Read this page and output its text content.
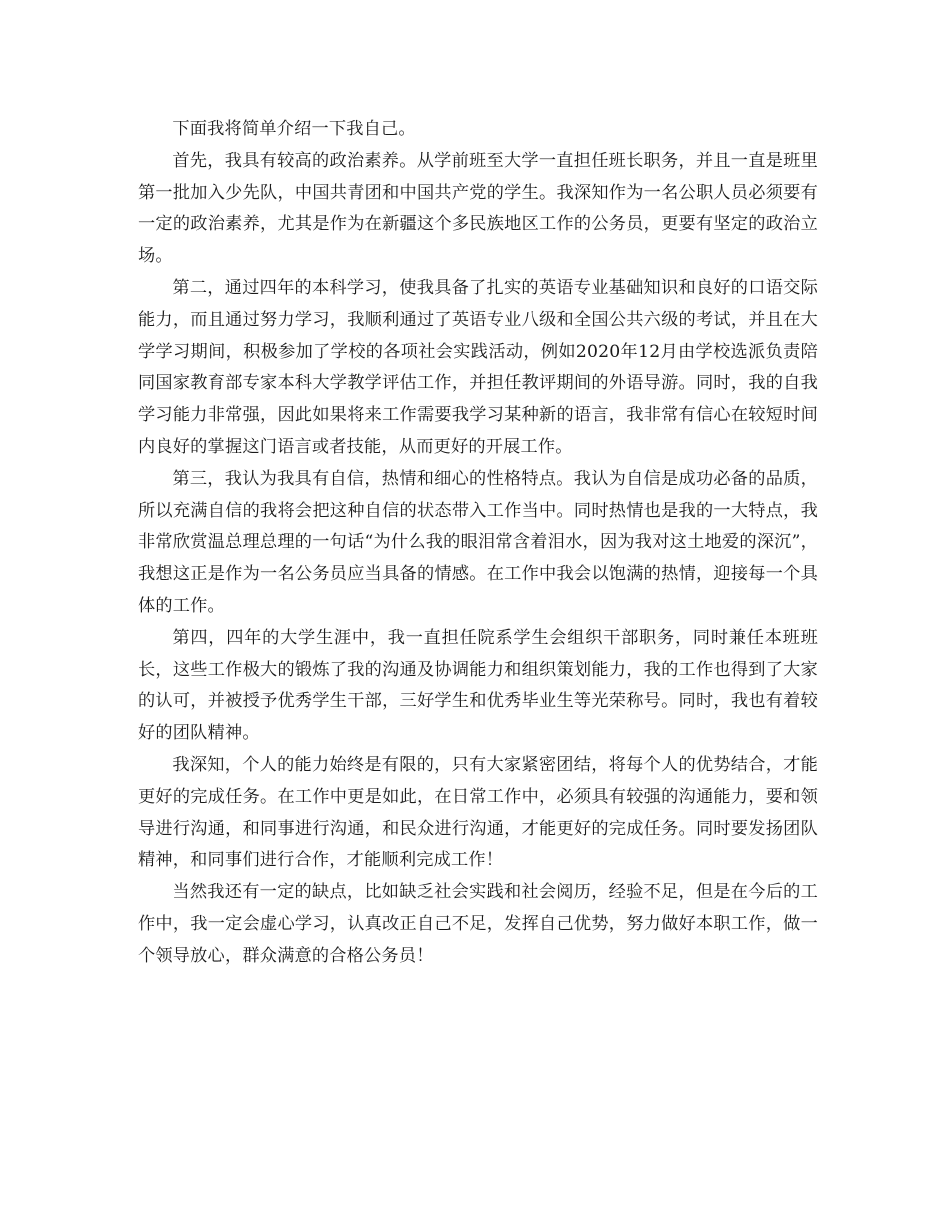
下面我将简单介绍一下我自己。

首先，我具有较高的政治素养。从学前班至大学一直担任班长职务，并且一直是班里第一批加入少先队，中国共青团和中国共产党的学生。我深知作为一名公职人员必须要有一定的政治素养，尤其是作为在新疆这个多民族地区工作的公务员，更要有坚定的政治立场。

第二，通过四年的本科学习，使我具备了扎实的英语专业基础知识和良好的口语交际能力，而且通过努力学习，我顺利通过了英语专业八级和全国公共六级的考试，并且在大学学习期间，积极参加了学校的各项社会实践活动，例如2020年12月由学校选派负责陪同国家教育部专家本科大学教学评估工作，并担任教评期间的外语导游。同时，我的自我学习能力非常强，因此如果将来工作需要我学习某种新的语言，我非常有信心在较短时间内良好的掌握这门语言或者技能，从而更好的开展工作。

第三，我认为我具有自信，热情和细心的性格特点。我认为自信是成功必备的品质，所以充满自信的我将会把这种自信的状态带入工作当中。同时热情也是我的一大特点，我非常欣赏温总理总理的一句话“为什么我的眼泪常含着泪水，因为我对这土地爱的深沉”，我想这正是作为一名公务员应当具备的情感。在工作中我会以饱满的热情，迎接每一个具体的工作。

第四，四年的大学生涯中，我一直担任院系学生会组织干部职务，同时兼任本班班长，这些工作极大的锻炼了我的沟通及协调能力和组织策划能力，我的工作也得到了大家的认可，并被授予优秀学生干部，三好学生和优秀毕业生等光荣称号。同时，我也有着较好的团队精神。

我深知，个人的能力始终是有限的，只有大家紧密团结，将每个人的优势结合，才能更好的完成任务。在工作中更是如此，在日常工作中，必须具有较强的沟通能力，要和领导进行沟通，和同事进行沟通，和民众进行沟通，才能更好的完成任务。同时要发扬团队精神，和同事们进行合作，才能顺利完成工作！

当然我还有一定的缺点，比如缺乏社会实践和社会阅历，经验不足，但是在今后的工作中，我一定会虚心学习，认真改正自己不足，发挥自己优势，努力做好本职工作，做一个领导放心，群众满意的合格公务员！
